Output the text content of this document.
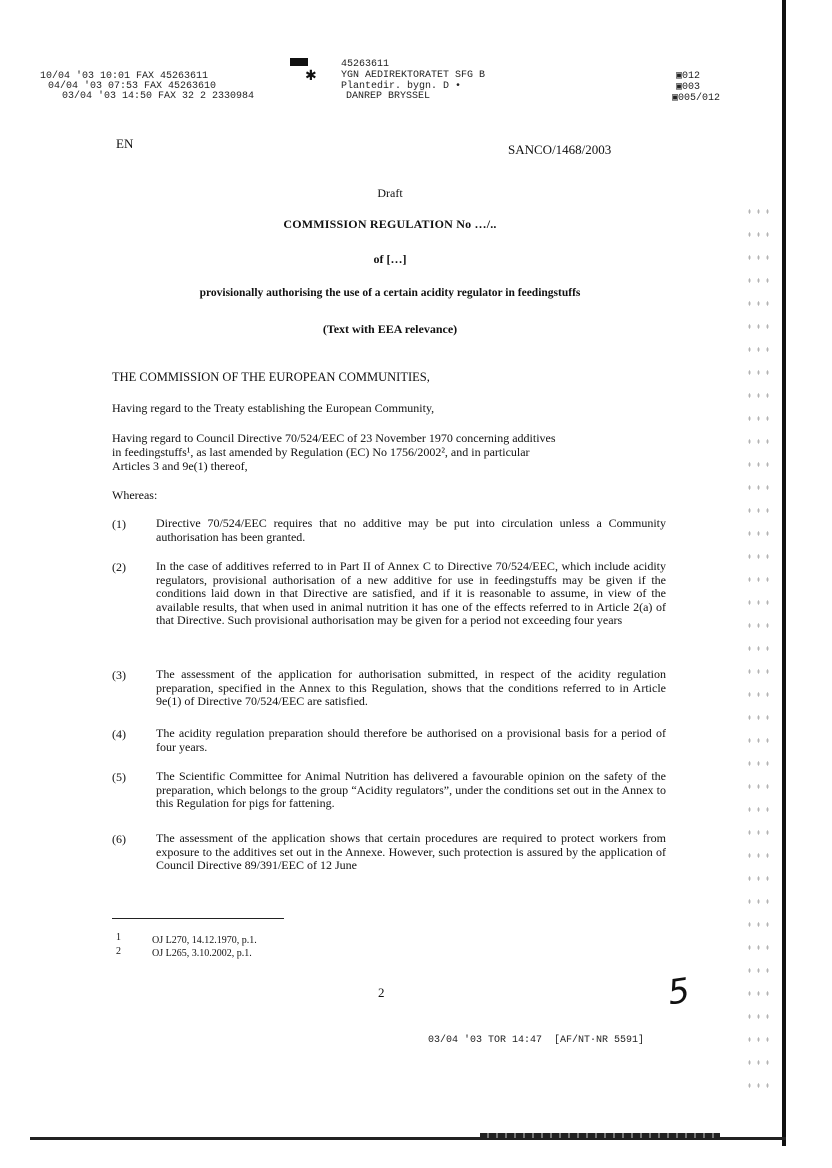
✱
45263611
10/04 '03 10:01 FAX 45263611	YGN AEDIREKTORATET SFG B	▣012
04/04 '03 07:53 FAX 45263610	Plantedir. bygn. D •	▣003
03/04 '03 14:50 FAX 32 2 2330984	DANREP BRYSSEL	▣005/012
EN	SANCO/1468/2003
Draft
COMMISSION REGULATION No …/..
of […]
provisionally authorising the use of a certain acidity regulator in feedingstuffs
(Text with EEA relevance)
THE COMMISSION OF THE EUROPEAN COMMUNITIES,
Having regard to the Treaty establishing the European Community,
Having regard to Council Directive 70/524/EEC of 23 November 1970 concerning additives
in feedingstuffs¹, as last amended by Regulation (EC) No 1756/2002², and in particular
Articles 3 and 9e(1) thereof,
Whereas:
(1)	Directive 70/524/EEC requires that no additive may be put into circulation unless a Community authorisation has been granted.
(2)	In the case of additives referred to in Part II of Annex C to Directive 70/524/EEC, which include acidity regulators, provisional authorisation of a new additive for use in feedingstuffs may be given if the conditions laid down in that Directive are satisfied, and if it is reasonable to assume, in view of the available results, that when used in animal nutrition it has one of the effects referred to in Article 2(a) of that Directive. Such provisional authorisation may be given for a period not exceeding four years
(3)	The assessment of the application for authorisation submitted, in respect of the acidity regulation preparation, specified in the Annex to this Regulation, shows that the conditions referred to in Article 9e(1) of Directive 70/524/EEC are satisfied.
(4)	The acidity regulation preparation should therefore be authorised on a provisional basis for a period of four years.
(5)	The Scientific Committee for Animal Nutrition has delivered a favourable opinion on the safety of the preparation, which belongs to the group “Acidity regulators”, under the conditions set out in the Annex to this Regulation for pigs for fattening.
(6)	The assessment of the application shows that certain procedures are required to protect workers from exposure to the additives set out in the Annexe. However, such protection is assured by the application of Council Directive 89/391/EEC of 12 June
1	OJ L270, 14.12.1970, p.1.
2	OJ L265, 3.10.2002, p.1.
2	5
03/04 '03 TOR 14:47  [AF/NT·NR 5591]
